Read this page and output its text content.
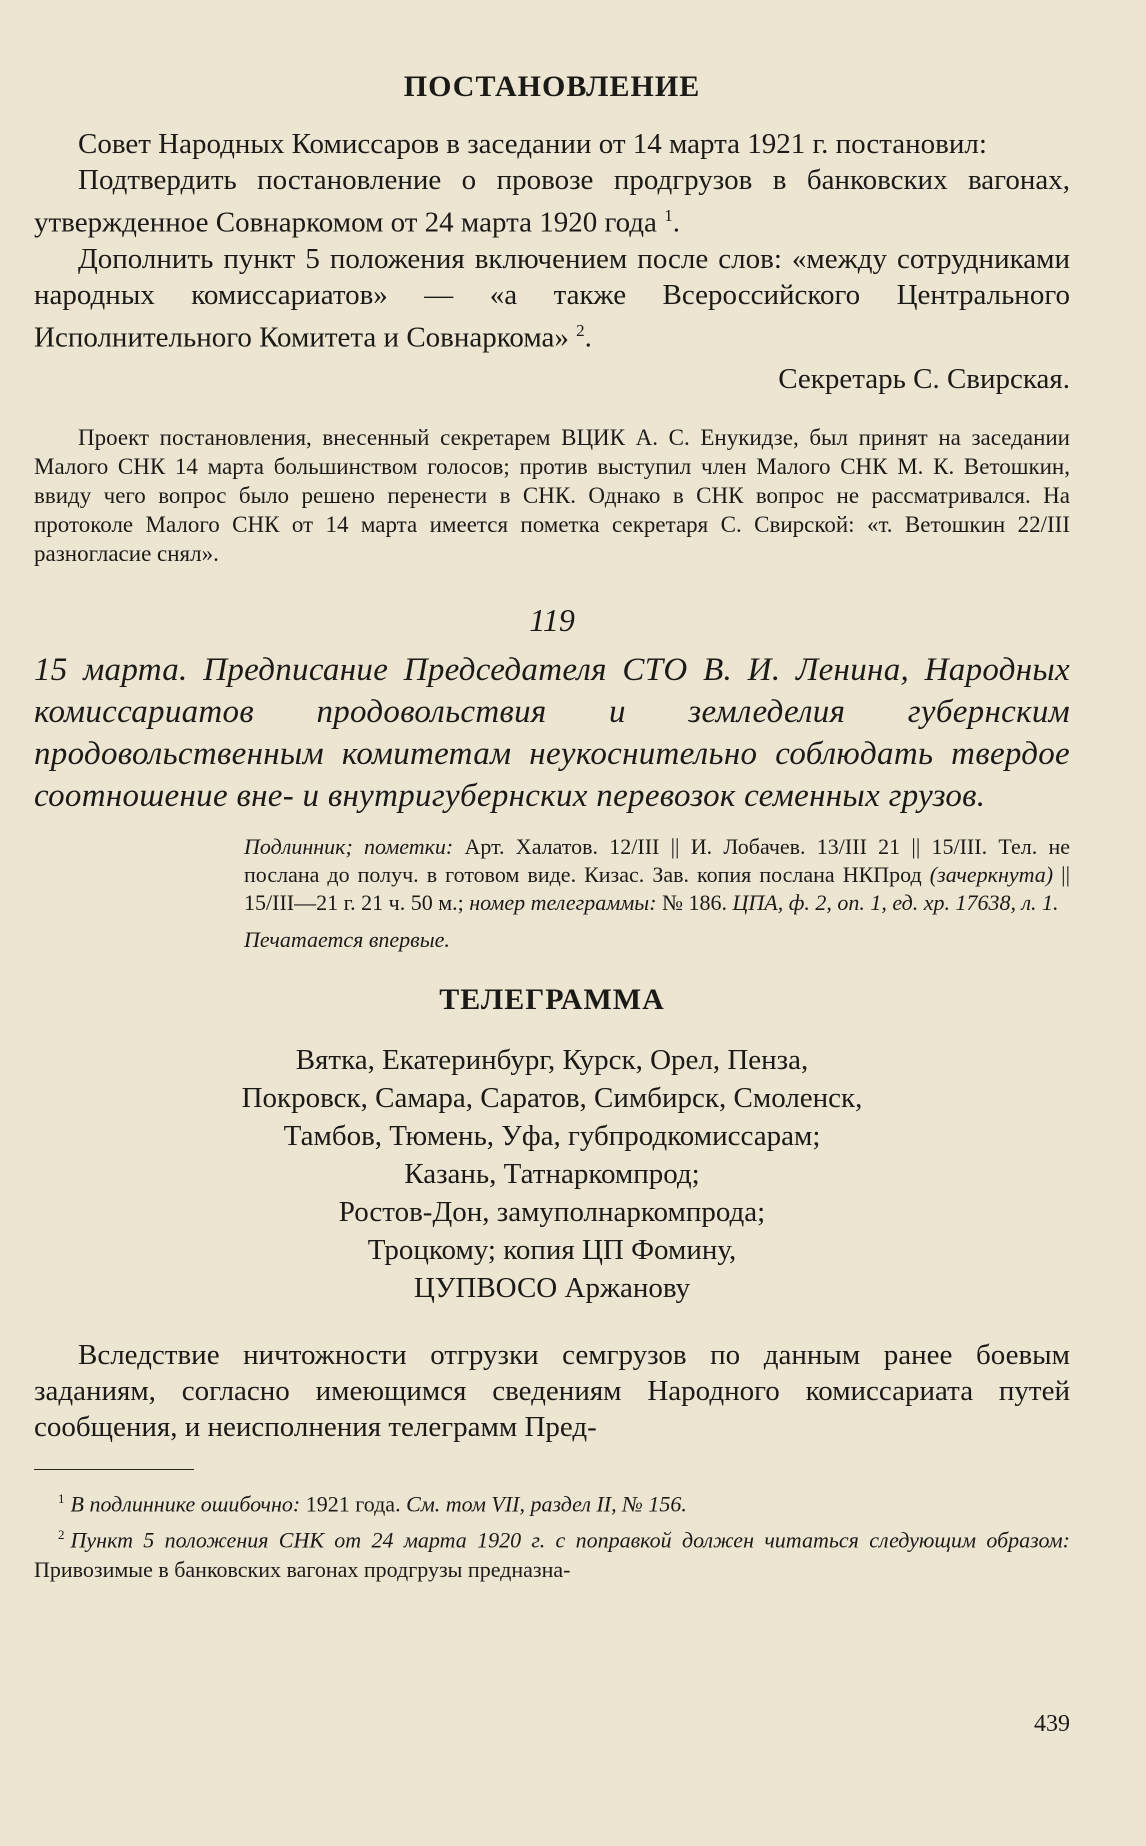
ПОСТАНОВЛЕНИЕ

Совет Народных Комиссаров в заседании от 14 марта 1921 г. постановил:

Подтвердить постановление о провозе продгрузов в банковских вагонах, утвержденное Совнаркомом от 24 марта 1920 года $^1$.

Дополнить пункт 5 положения включением после слов: «между сотрудниками народных комиссариатов» — «а также Всероссийского Центрального Исполнительного Комитета и Совнаркома» $^2$.

Секретарь С. Свирская.

Проект постановления, внесенный секретарем ВЦИК А. С. Енукидзе, был принят на заседании Малого СНК 14 марта большинством голосов; против выступил член Малого СНК М. К. Ветошкин, ввиду чего вопрос было решено перенести в СНК. Однако в СНК вопрос не рассматривался. На протоколе Малого СНК от 14 марта имеется пометка секретаря С. Свирской: «т. Ветошкин 22/III разногласие снял».

119

15 марта. Предписание Председателя СТО В. И. Ленина, Народных комиссариатов продовольствия и земледелия губернским продовольственным комитетам неукоснительно соблюдать твердое соотношение вне- и внутригубернских перевозок семенных грузов.

Подлинник; пометки: Арт. Халатов. 12/III || И. Лобачев. 13/III 21 || 15/III. Тел. не послана до получ. в готовом виде. Кизас. Зав. копия послана НКПрод (зачеркнута) || 15/III—21 г. 21 ч. 50 м.; номер телеграммы: № 186. ЦПА, ф. 2, оп. 1, ед. хр. 17638, л. 1.

Печатается впервые.

ТЕЛЕГРАММА
Вятка, Екатеринбург, Курск, Орел, Пенза,
Покровск, Самара, Саратов, Симбирск, Смоленск,
Тамбов, Тюмень, Уфа, губпродкомиссарам;
Казань, Татнаркомпрод;
Ростов-Дон, замуполнаркомпрода;
Троцкому; копия ЦП Фомину,
ЦУПВОСО Аржанову

Вследствие ничтожности отгрузки семгрузов по данным ранее боевым заданиям, согласно имеющимся сведениям Народного комиссариата путей сообщения, и неисполнения телеграмм Пред-

$^1$ В подлиннике ошибочно: 1921 года. См. том VII, раздел II, № 156.

$^2$ Пункт 5 положения СНК от 24 марта 1920 г. с поправкой должен читаться следующим образом: Привозимые в банковских вагонах продгрузы предназна-

439
